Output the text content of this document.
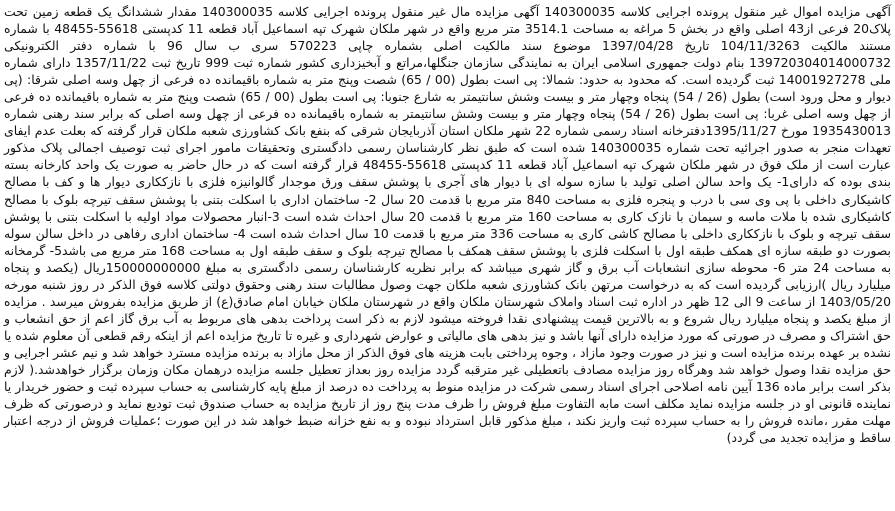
آگهی مزایده اموال غیر منقول پرونده اجرایی کلاسه 140300035 آگهی مزایده مال غیر منقول پرونده اجرایی کلاسه 140300035 مقدار ششدانگ یک قطعه زمین تحت پلاک20 فرعی از43 اصلی واقع در بخش 5 مراغه به مساحت 3514.1 متر مربع واقع در شهر ملکان شهرک تپه اسماعیل آباد قطعه 11 کدپستی 55618-48455 با شماره مستند مالکیت 104/11/3263 تاریخ 1397/04/28 موضوع سند مالکیت اصلی بشماره چاپی 570223 سری ب سال 96 با شماره دفتر الکترونیکی 139720304014000732 بنام دولت جمهوری اسلامی ایران به نمایندگی سازمان جنگلها،مراتع و آبخیزداری کشور شماره ثبت 999 تاریخ ثبت 1357/11/22 دارای شماره ملی 14001927278 ثبت گردیده است. که محدود به حدود: شمالا: پی است بطول (00 / 65) شصت وپنج متر به شماره باقیمانده ده فرعی از چهل وسه اصلی شرقا: (پی دیوار و محل ورود است) بطول (26 / 54) پنجاه وچهار متر و بیست وشش سانتیمتر به شارع جنوبا: پی است بطول (00 / 65) شصت وپنج متر به شماره باقیمانده ده فرعی از چهل وسه اصلی غربا: پی است بطول (26 / 54) پنجاه وچهار متر و بیست وشش سانتیمتر به شماره باقیمانده ده فرعی از چهل وسه اصلی که برابر سند رهنی شماره 1935430013 مورخ 1395/11/27دفترخانه اسناد رسمی شماره 22 شهر ملکان استان آذربایجان شرقی که بنفع بانک کشاورزی شعبه ملکان قرار گرفته که بعلت عدم ایفای تعهدات منجر به صدور اجرائیه تحت شماره 140300035 شده است که طبق نظر کارشناسان رسمی دادگستری وتحقیقات مامور اجرای ثبت توصیف اجمالی پلاک مذکور عبارت است از ملک فوق در شهر ملکان شهرک تپه اسماعیل آباد قطعه 11 کدپستی 55618-48455 قرار گرفته است که در حال حاضر به صورت یک واحد کارخانه بسته بندی بوده که دارای1- یک واحد سالن اصلی تولید با سازه سوله ای با دیوار های آجری با پوشش سقف ورق موجدار گالوانیزه فلزی با نازککاری دیوار ها و کف با مصالح کاشیکاری داخلی با پی وی سی با درب و پنجره فلزی به مساحت 840 متر مربع با قدمت 20 سال 2- ساختمان اداری با اسکلت بتنی با پوشش سقف تیرچه بلوک با مصالح کاشیکاری شده با ملات ماسه و سیمان با نازک کاری به مساحت 160 متر مربع با قدمت 20 سال احداث شده است 3-انبار محصولات مواد اولیه با اسکلت بتنی با پوشش سقف تیرچه و بلوک با نازککاری داخلی با مصالح کاشی کاری به مساحت 336 متر مربع با قدمت 10 سال احداث شده است 4- ساختمان اداری رفاهی در داخل سالن سوله بصورت دو طبقه سازه ای همکف طبقه اول با اسکلت فلزی با پوشش سقف همکف با مصالح تیرچه بلوک و سقف طبقه اول به مساحت 168 متر مربع می باشد5- گرمخانه به مساحت 24 متر 6- محوطه سازی انشعابات آب برق و گاز شهری میباشد که برابر نظریه کارشناسان رسمی دادگستری به مبلغ 150000000000ریال (یکصد و پنجاه میلیارد ریال )ارزیابی گردیده است که به درخواست مرتهن بانک کشاورزی شعبه ملکان جهت وصول مطالبات سند رهنی وحقوق دولتی کلاسه فوق الذکر در روز شنبه مورخه 1403/05/20 از ساعت 9 الی 12 ظهر در اداره ثبت اسناد واملاک شهرستان ملکان واقع در شهرستان ملکان خیابان امام صادق(ع) از طریق مزایده بفروش میرسد . مزایده از مبلغ یکصد و پنجاه میلیارد ریال شروع و به بالاترین قیمت پیشنهادی نقدا فروخته میشود لازم به ذکر است پرداخت بدهی های مربوط به آب برق گاز اعم از حق انشعاب و حق اشتراک و مصرف در صورتی که مورد مزایده دارای آنها باشد و نیز بدهی های مالیاتی و عوارض شهرداری و غیره تا تاریخ مزایده اعم از اینکه رقم قطعی آن معلوم شده یا نشده بر عهده برنده مزایده است و نیز در صورت وجود مازاد ، وجوه پرداختی بابت هزینه های فوق الذکر از محل مازاد به برنده مزایده مسترد خواهد شد و نیم عشر اجرایی و حق مزایده نقدا وصول خواهد شد وهرگاه روز مزایده مصادف باتعطیلی غیر مترقبه گردد مزایده روز بعداز تعطیل جلسه مزایده درهمان مکان وزمان برگزار خواهدشد.( لازم بذکر است برابر ماده 136 آیین نامه اصلاحی اجرای اسناد رسمی شرکت در مزایده منوط به پرداخت ده درصد از مبلغ پایه کارشناسی به حساب سپرده ثبت و حضور خریدار یا نماینده قانونی او در جلسه مزایده نماید مکلف است مابه التفاوت مبلغ فروش را ظرف مدت پنج روز از تاریخ مزایده به حساب صندوق ثبت تودیع نماید و درصورتی که ظرف مهلت مقرر ،مانده فروش را به حساب سپرده ثبت واریز نکند ، مبلغ مذکور قابل استرداد نبوده و به نفع خزانه ضبط خواهد شد در این صورت ؛عملیات فروش از درجه اعتبار ساقط و مزایده تجدید می گردد)
